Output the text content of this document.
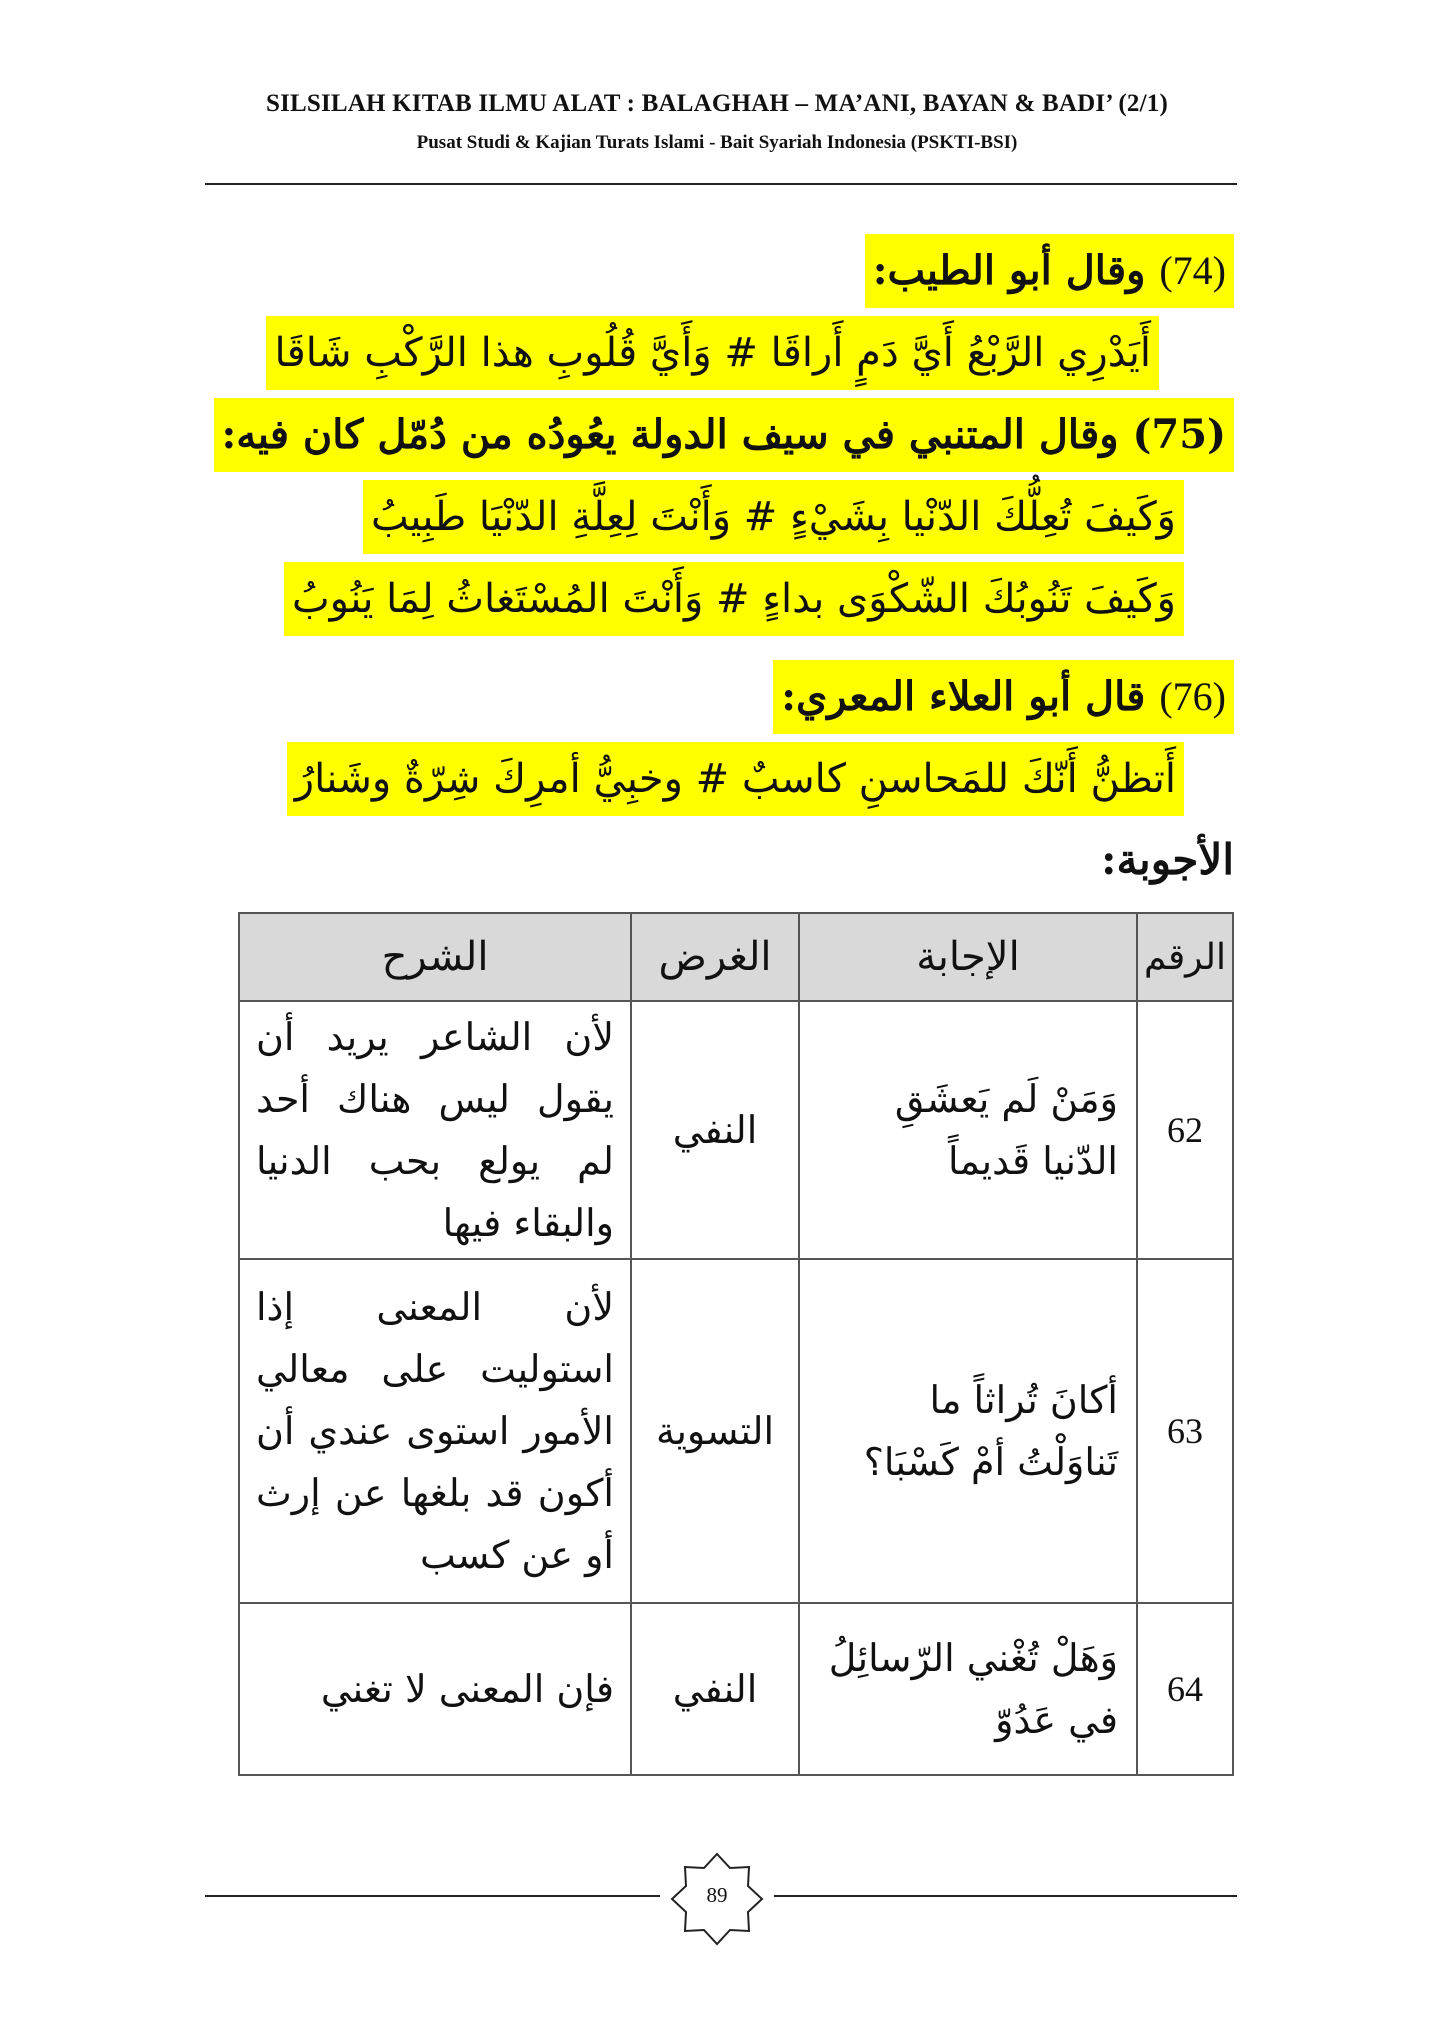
SILSILAH KITAB ILMU ALAT : BALAGHAH – MA’ANI, BAYAN & BADI’ (2/1)
Pusat Studi & Kajian Turats Islami - Bait Syariah Indonesia (PSKTI-BSI)
(74) وقال أبو الطيب:
أَيَدْرِي الرَّبْعُ أَيَّ دَمٍ أَراقَا # وَأَيَّ قُلُوبِ هذا الرَّكْبِ شَاقَا
(75) وقال المتنبي في سيف الدولة يعُودُه من دُمّل كان فيه:
وَكَيفَ تُعِلُّكَ الدّنْيا بِشَيْءٍ # وَأَنْتَ لِعِلَّةِ الدّنْيَا طَبِيبُ
وَكَيفَ تَنُوبُكَ الشّكْوَى بداءٍ # وَأَنْتَ المُسْتَغاثُ لِمَا يَنُوبُ
(76) قال أبو العلاء المعري:
أَتظنُّ أَنّكَ للمَحاسنِ كاسبٌ # وخبِيُّ أمرِكَ شِرّةٌ وشَنارُ
الأجوبة:
الرقم	الإجابة	الغرض	الشرح
62	وَمَنْ لَم يَعشَقِ الدّنيا قَديماً	النفي	لأن الشاعر يريد أن يقول ليس هناك أحد لم يولع بحب الدنيا والبقاء فيها
63	أكانَ تُراثاً ما تَناوَلْتُ أمْ كَسْبَا؟	التسوية	لأن المعنى إذا استوليت على معالي الأمور استوى عندي أن أكون قد بلغها عن إرث أو عن كسب
64	وَهَلْ تُغْني الرّسائِلُ في عَدُوّ	النفي	فإن المعنى لا تغني
89
